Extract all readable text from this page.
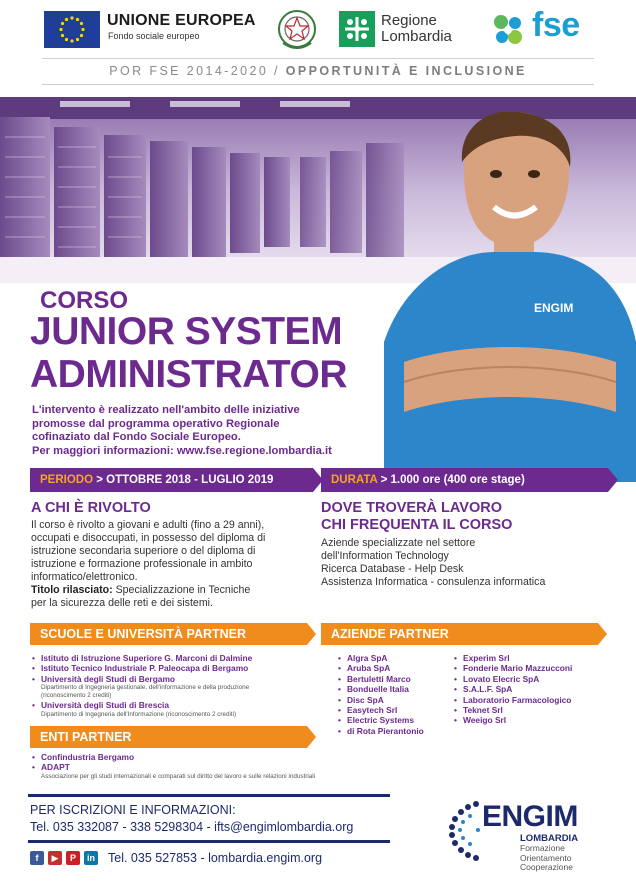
UNIONE EUROPEA
Fondo sociale europeo
Regione
Lombardia fse
POR FSE 2014-2020 / OPPORTUNITÀ E INCLUSIONE
ENGIM
CORSO
JUNIOR SYSTEM
ADMINISTRATOR
L'intervento è realizzato nell'ambito delle iniziative
promosse dal programma operativo Regionale
cofinaziato dal Fondo Sociale Europeo.
Per maggiori informazioni: www.fse.regione.lombardia.it
PERIODO > OTTOBRE 2018 - LUGLIO 2019	DURATA > 1.000 ore (400 ore stage)
A CHI È RIVOLTO
Il corso è rivolto a giovani e adulti (fino a 29 anni),
occupati e disoccupati, in possesso del diploma di
istruzione secondaria superiore o del diploma di
istruzione e formazione professionale in ambito
informatico/elettronico.
Titolo rilasciato: Specializzazione in Tecniche
per la sicurezza delle reti e dei sistemi.
DOVE TROVERÀ LAVORO
CHI FREQUENTA IL CORSO
Aziende specializzate nel settore
dell'Information Technology
Ricerca Database - Help Desk
Assistenza Informatica - consulenza informatica
SCUOLE E UNIVERSITÀ PARTNER
• Istituto di Istruzione Superiore G. Marconi di Dalmine
• Istituto Tecnico Industriale P. Paleocapa di Bergamo
• Università degli Studi di Bergamo
Dipartimento di Ingegneria gestionale, dell'informazione e della produzione
(riconoscimento 2 crediti)
• Università degli Studi di Brescia
Dipartimento di Ingegneria dell'Informazione (riconoscimento 2 crediti)
AZIENDE PARTNER
• Algra SpA
• Aruba SpA
• Bertuletti Marco
• Bonduelle Italia
• Disc SpA
• Easytech Srl
• Electric Systems
• di Rota Pierantonio
• Experim Srl
• Fonderie Mario Mazzucconi
• Lovato Elecric SpA
• S.A.L.F. SpA
• Laboratorio Farmacologico
• Teknet Srl
• Weeigo Srl
ENTI PARTNER
• Confindustria Bergamo
• ADAPT
Associazione per gli studi internazionali e comparati sul diritto del lavoro e sulle relazioni industriali
PER ISCRIZIONI E INFORMAZIONI:
Tel. 035 332087 - 338 5298304 - ifts@engimlombardia.org
f	▶	P	in Tel. 035 527853 - lombardia.engim.org
ENGIM
LOMBARDIA
Formazione Orientamento
Cooperazione
